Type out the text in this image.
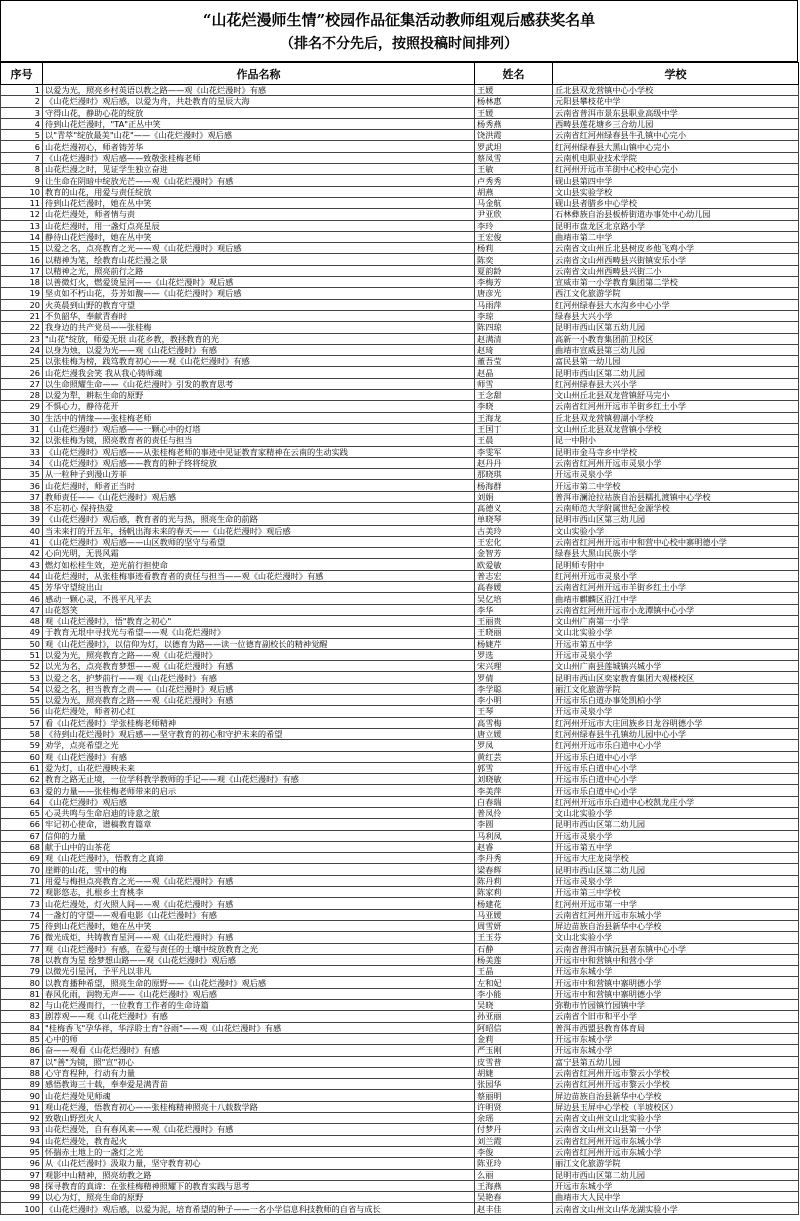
“山花烂漫师生情”校园作品征集活动教师组观后感获奖名单
（排名不分先后，按照投稿时间排列）
序号	作品名称	姓名	学校
1	以爱为光，照亮乡村英语以教之路——观《山花烂漫时》有感	王媛	丘北县双龙营镇中心小学校
2	《山花烂漫时》观后感，以爱为舟，共赴教育的星辰大海	杨林惠	元阳县攀枝花中学
3	守得山花，静助心花的绽放	王媛	云南省普洱市景东县职业高级中学
4	待到山花烂漫时，"TA"正丛中笑	杨秀燕	西畴县莲花塘乡三合幼儿园
5	以"青萃"绽放最美"山花"——《山花烂漫时》观后感	饶洪霞	云南省红河州绿春县牛孔镇中心完小
6	山花烂漫初心，师者铸芳华	罗武坦	红河州绿春县大黑山镇中心完小
7	《山花烂漫时》观后感——致敬张桂梅老师	蔡凤雪	云南机电职业技术学院
8	山花烂漫之时，见证学生独立奋进	王敏	红河州开远市羊街中心校中心完小
9	让生命在阴暗中绽放光芒——观《山花烂漫时》有感	卢秀秀	砚山县第四中学
10	教育的山花，用爱与责任绽放	胡燕	文山县实验学校
11	待到山花烂漫时，她在丛中笑	马金航	砚山县者腊乡中心学校
12	山花烂漫处，师者情与责	尹亚欣	石林彝族自治县板桥街道办事处中心幼儿园
13	山花烂漫时，用一盏灯点亮星辰	李玲	昆明市盘龙区北京路小学
14	静待山花烂漫时，她在丛中笑	王宏俊	曲靖市第二中学
15	以爱之名，点亮教育之光——观《山花烂漫时》观后感	杨莉	云南省文山州丘北县树皮乡他飞鸡小学
16	以精神为笔，绘教育山花烂漫之景	陈奕	云南省文山州西畴县兴街镇安乐小学
17	以精神之光，照亮前行之路	夏韵龄	云南省文山州西畴县兴街二小
18	以善微灯火，燃爱烫星河——《山花烂漫时》观后感	李梅芳	宣威市第一小学教育集团第二学校
19	坚贞如不朽山花，芬芳如馥——《山花烂漫时》观后感	唐彦光	西江文化旅游学院
20	火英晨到山野的教育守望	马雨萍	红河州绿春县大水沟乡中心小学
21	不负韶华，奉献青春时	李琼	绿春县大兴小学
22	我身边的共产党员——张桂梅	陈四琼	昆明市西山区第五幼儿园
23	"山花"绽放，师爱无垠 山花乡教，教拯教育的光	赵满清	高新一小教育集团前卫校区
24	以身为烛，以爱为光——观《山花烂漫时》有感	赵琦	曲靖市宣威县第三幼儿园
25	以张桂梅为榜，践笃教育初心——观《山花烂漫时》有感	董吾莹	富民县第一幼儿园
26	山花烂漫我会笑 我从我心铸师魂	赵晶	昆明市西山区第二幼儿园
27	以生命照耀生命——《山花烂漫时》引发的教育思考	师雪	红河州绿春县大兴小学
28	以爱为犁，耕耘生命的原野	王念甜	文山州丘北县双龙营镇舒马完小
29	不惧心力，静待花开	李晓	云南省红河州开远市羊街乡红土小学
30	生活中的情缘——张桂梅老师	王海龙	丘北县双龙营镇碧湖小学校
31	《山花烂漫时》观后感——一颗心中的灯塔	王国丁	文山州丘北县双龙营镇小学校
32	以张桂梅为镜，照亮教育者的责任与担当	王晨	昆一中附小
33	《山花烂漫时》观后感——从张桂梅老师的事迹中见证教育家精神在云南的生动实践	李雯军	昆明市金马寺乡中学校
34	《山花烂漫时》观后感——教育的种子终将绽放	赵丹丹	云南省红河州开远市灵泉小学
35	从一粒种子到漫山芳菲	那晓琪	开远市灵泉小学
36	山花烂漫时，师者正当时	杨海群	开远市第二中学校
37	教师责任——《山花烂漫时》观后感	刘娟	普洱市澜沧拉祜族自治县糯扎渡镇中心学校
38	不忘初心 保持热爱	高德义	云南师范大学附属世纪金源学校
39	《山花烂漫时》观后感，教育者的光与热，照亮生命的前路	单晓琴	昆明市西山区第三幼儿园
40	当未来打的开五年，扬帆出海未来的春天——《山花烂漫时》观后感	古美玲	文山实验小学
41	《山花烂漫时》观后感——山区教师的坚守与希望	王宏化	云南省红河州开远市中和营中心校中寨明德小学
42	心向光明，无畏风霜	金智芳	绿春县大黑山民族小学
43	燃灯如松桂生效，逆光前行担使命	欧爱敏	昆明师专附中
44	山花烂漫时，从张桂梅事迹看教育者的责任与担当——观《山花烂漫时》有感	普志宏	红河州开远市灵泉小学
45	芳华守望绽出山	高春媛	云南省红河州开远市羊街乡红土小学
46	感动一颗心灵，不畏平凡平去	吴亿培	曲靖市麒麟区沿江中学
47	山花怒笑	李华	云南省红河州开远市小龙潭镇中心小学
48	观《山花烂漫时》，悟"教育之初心"	王丽贵	文山州广南第一小学
49	于教育无垠中寻找光与希望——观《山花烂漫时》	王晓丽	文山北实验小学
50	观《山花烂漫时》，以信仰为灯，以德育为路——读一位德育副校长的精神觉醒	杨婕芹	开远市第五中学
51	以爱为光，照亮教育之路——观《山花烂漫时》	罗选	开远市灵泉小学
52	以光为名，点亮教育梦想——观《山花烂漫时》有感	宋兴理	文山州广南县莲城镇兴城小学
53	以爱之名，护梦前行——观《山花烂漫时》有感	罗倩	昆明市西山区奕家教育集团大观楼校区
54	以爱之名，担当教育之责——《山花烂漫时》观后感	李学聪	丽江文化旅游学院
55	以爱为光，照亮教育之路——观《山花烂漫时》有感	李小明	开远市乐白道办事处凯柏小学
56	山花烂漫处，师者初心红	王琴	开远市灵泉小学
57	看《山花烂漫时》学张桂梅老师精神	高雪梅	红河州开远市大庄回族乡日龙谷明德小学
58	《待到山花烂漫时》观后感——坚守教育的初心和守护未来的希望	唐立媛	红河州绿春县牛孔镇幼儿园中心小学
59	劝学，点亮希望之光	罗凤	红河州开远市乐白道中心小学
60	观《山花烂漫时》有感	黄红芸	开远市乐白道中心小学
61	爱为灯，山花烂漫映未来	郭雪	开远市乐白道中心小学
62	教育之路无止境，一位学科教学教师的手记——观《山花烂漫时》有感	刘晓敏	开远市乐白道中心小学
63	爱的力量——张桂梅老师带来的启示	李美萍	开远市乐白道中心小学
64	《山花烂漫时》观后感	白春瑞	红河州开远市乐白道中心校凯龙庄小学
65	心灵共鸣与生命启迪的诗意之旅	普凤伶	文山北实验小学
66	牢记初心使命，谱稿教育篇章	李圆	昆明市西山区第二幼儿园
67	信仰的力量	马利凤	开远市灵泉小学
68	献于山中的山茶花	赵睿	开远市第五中学
69	观《山花烂漫时》，悟教育之真谛	李丹秀	开远市大庄龙岗学校
70	崖畔的山花，雪中的梅	梁春辉	昆明市西山区第二幼儿园
71	用爱与梅担点亮教育之光——观《山花烂漫时》有感	陈丹莉	开远市灵泉小学
72	观影悠志，扎根乡土育桃李	陈家莉	开远市第三中学校
73	山花烂漫处，灯火照人间——观《山花烂漫时》有感	杨建花	红河州开远市第一中学
74	一盏灯的守望——观看电影《山花烂漫时》有感	马亚媛	云南省红河州开远市东城小学
75	待到山花烂漫时，她在丛中笑	周雪妍	屏边苗族自治县新华中心学校
76	微光成炬，共铸教育星河——观《山花烂漫时》有感	王玉芬	文山北实验小学
77	观《山花烂漫时》有感，在爱与责任的土壤中绽放教育之光	石静	云南省普洱市镇沅县者东镇中心小学
78	以教育为星 绘梦想山路——观《山花烂漫时》观后感	杨美莲	开远市中和营镇中和营小学
79	以微光引星河，予平凡以非凡	王晶	开远市东城小学
80	以教育播种希望，照亮生命的原野——《山花烂漫时》观后感	左和妃	开远市中和营镇中寨明德小学
81	春风化雨，润物无声——《山花烂漫时》观后感	李小能	开远市中和营镇中寨明德小学
82	与山花烂漫而行，一位教育工作者的生命诗篇	吴晓	弥勒市竹园镇竹园镇中学
83	剧荐观——观《山花烂漫时》有感	孙亚丽	云南省个旧市和平小学
84	"桂梅香飞"孕华祥，华浮聆士育"谷雨"——观《山花烂漫时》有感	阿昭信	普洱市西盟县教育体育局
85	心中的师	金莉	开远市东城小学
86	奋——观看《山花烂漫时》有感	严玉刚	开远市东城小学
87	以"善"为镜，照"宣"初心	皮雪普	富宁县第五幼儿园
88	心守育程种，行动有力量	胡婕	云南省红河州开远市黎云小学校
89	感悟教诲三十载，奉奉爱是满青苗	张园华	云南省红河州开远市黎云小学校
90	山花烂漫处见师魂	蔡丽明	屏边苗族自治县新华中心学校
91	观山花烂漫，悟教育初心——张桂梅精神照亮十八载数学路	许明贤	屏边县玉屏中心学校（半坡校区）
92	致敬山野烈火人	余瑶	云南省文山州文山北实验小学
93	山花烂漫处，自有春风来——观《山花烂漫时》有感	付梦丹	云南省文山州文山县第一小学
94	山花烂漫处，教育起火	刘兰霞	云南省红河州开远市东城小学
95	怀揣赤土地上的一盏灯之光	李俊	云南省红河州开远市东城小学
96	从《山花烂漫时》汲取力量，坚守教育初心	陈亚玲	丽江文化旅游学院
97	观影中山精神，照亮幼教之路	么丽	昆明市西山区第二幼儿园
98	探寻教育的真谛：在张桂梅精神照耀下的教育实践与思考	王海燕	开远市东城小学
99	以心为灯，照亮生命的原野	吴艳春	曲靖市大人民中学
100	《山花烂漫时》观后感，以爱为泥，培育希望的种子——一名小学信息科技教师的自省与成长	赵丰佳	云南省文山州文山华龙湖实验小学
